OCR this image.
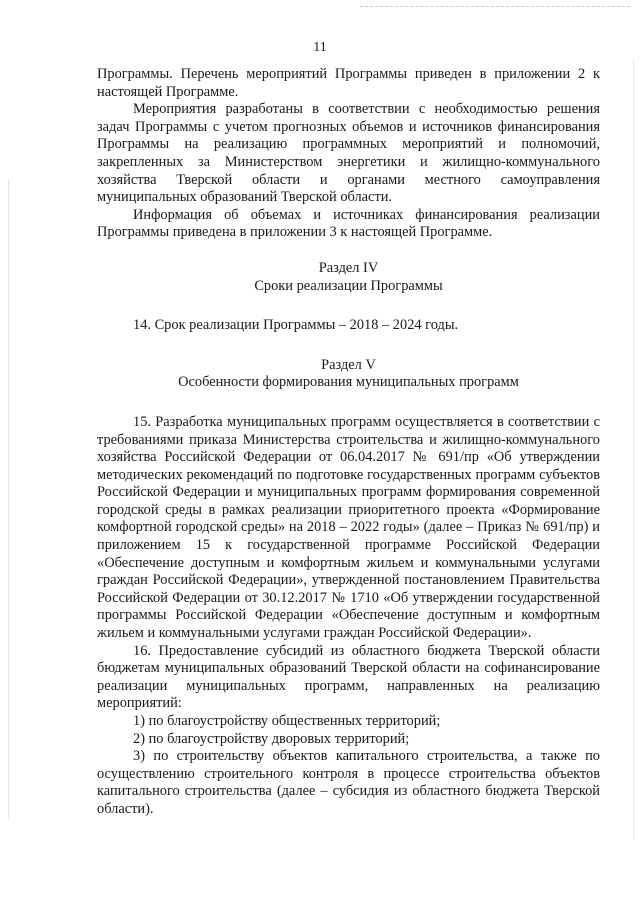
11

Программы. Перечень мероприятий Программы приведен в приложении 2 к настоящей Программе.

Мероприятия разработаны в соответствии с необходимостью решения задач Программы с учетом прогнозных объемов и источников финансирования Программы на реализацию программных мероприятий и полномочий, закрепленных за Министерством энергетики и жилищно-коммунального хозяйства Тверской области и органами местного самоуправления муниципальных образований Тверской области.

Информация об объемах и источниках финансирования реализации Программы приведена в приложении 3 к настоящей Программе.

Раздел IV

Сроки реализации Программы

14. Срок реализации Программы – 2018 – 2024 годы.

Раздел V

Особенности формирования муниципальных программ

15. Разработка муниципальных программ осуществляется в соответствии с требованиями приказа Министерства строительства и жилищно-коммунального хозяйства Российской Федерации от 06.04.2017 № 691/пр «Об утверждении методических рекомендаций по подготовке государственных программ субъектов Российской Федерации и муниципальных программ формирования современной городской среды в рамках реализации приоритетного проекта «Формирование комфортной городской среды» на 2018 – 2022 годы» (далее – Приказ № 691/пр) и приложением 15 к государственной программе Российской Федерации «Обеспечение доступным и комфортным жильем и коммунальными услугами граждан Российской Федерации», утвержденной постановлением Правительства Российской Федерации от 30.12.2017 № 1710 «Об утверждении государственной программы Российской Федерации «Обеспечение доступным и комфортным жильем и коммунальными услугами граждан Российской Федерации».

16. Предоставление субсидий из областного бюджета Тверской области бюджетам муниципальных образований Тверской области на софинансирование реализации муниципальных программ, направленных на реализацию мероприятий:

1) по благоустройству общественных территорий;

2) по благоустройству дворовых территорий;

3) по строительству объектов капитального строительства, а также по осуществлению строительного контроля в процессе строительства объектов капитального строительства (далее – субсидия из областного бюджета Тверской области).
